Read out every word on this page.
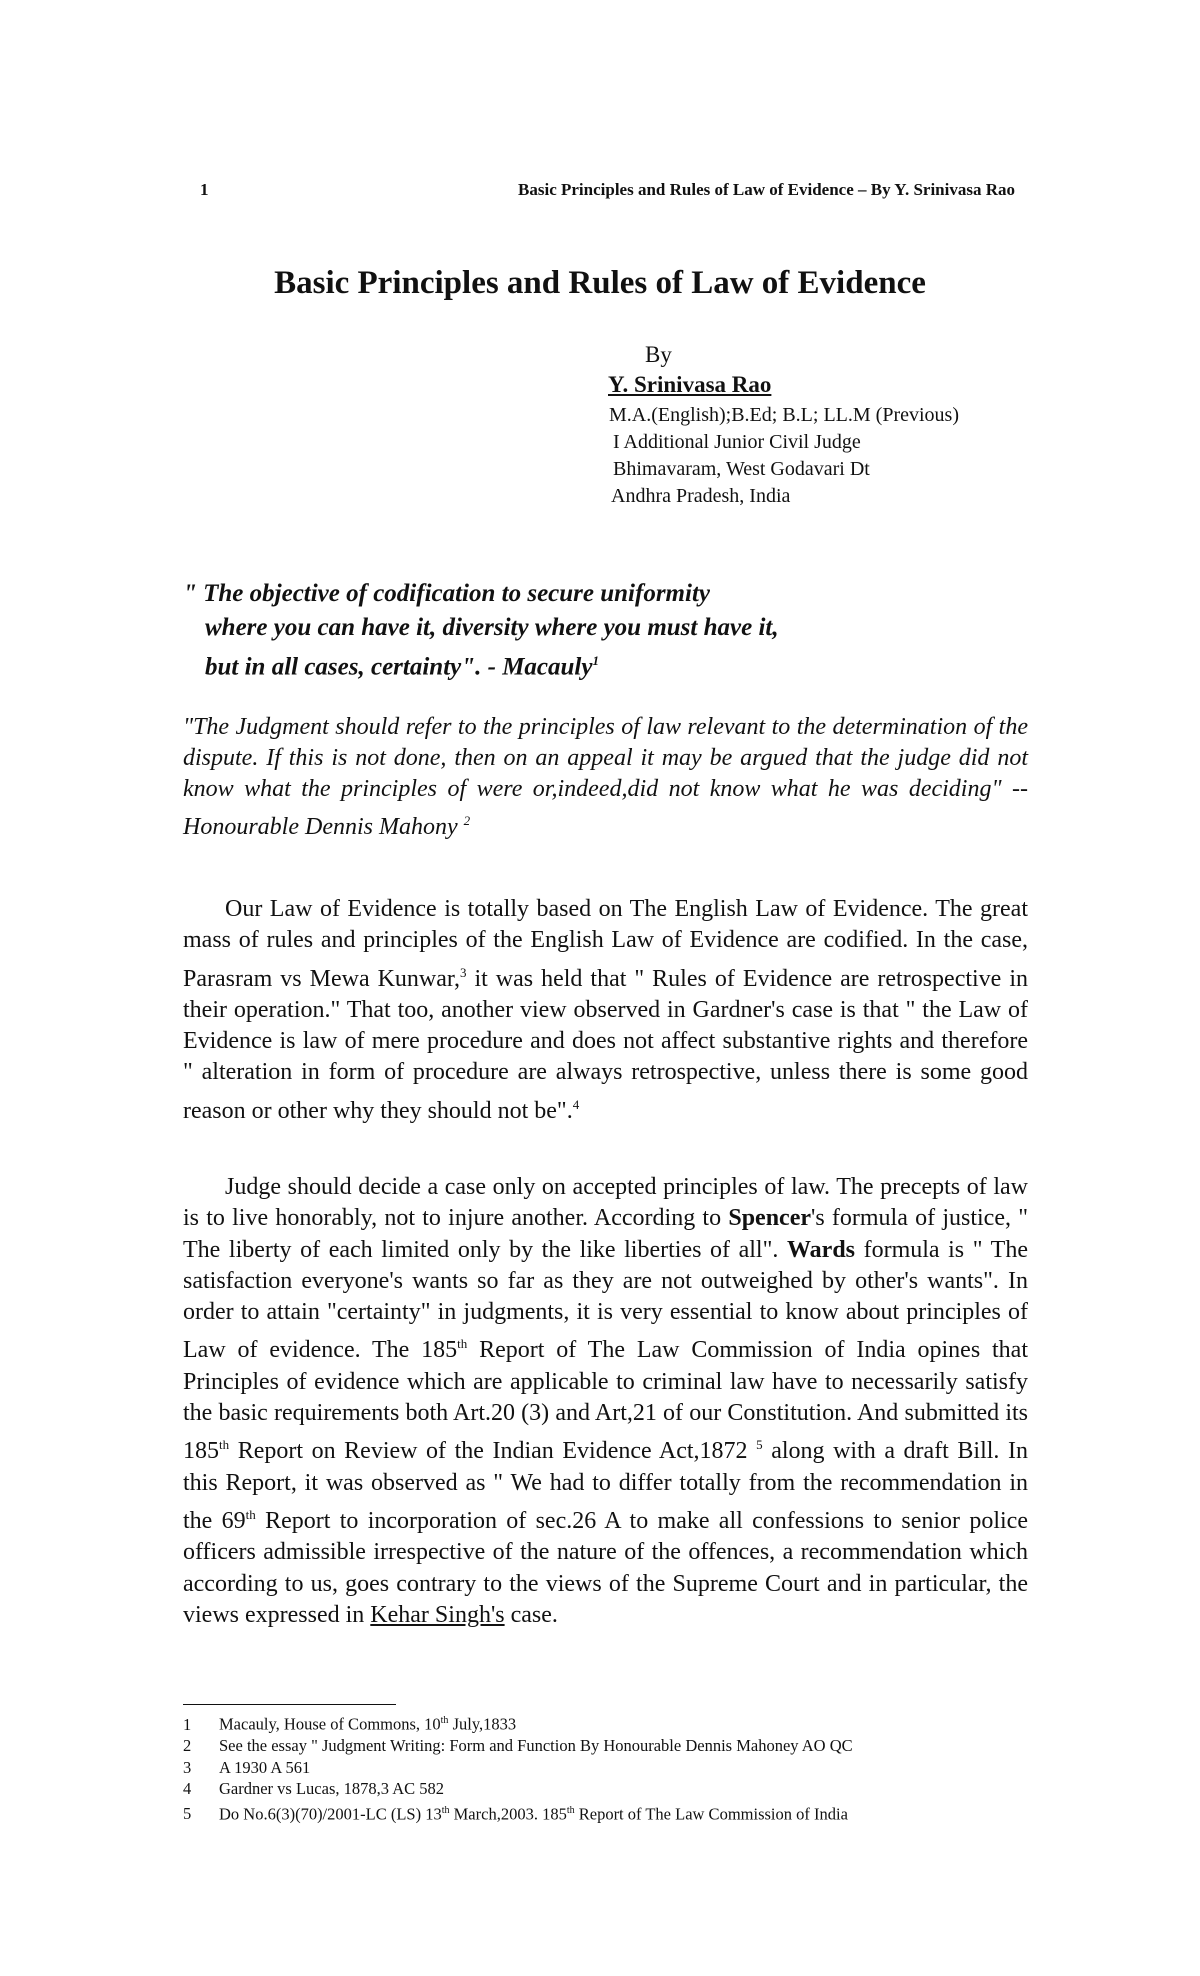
1	Basic Principles and Rules of Law of Evidence – By Y. Srinivasa Rao
Basic Principles and Rules of Law of Evidence
By
Y. Srinivasa Rao
M.A.(English);B.Ed; B.L; LL.M (Previous)
I Additional Junior Civil Judge
Bhimavaram, West Godavari Dt
Andhra Pradesh, India
" The objective of codification to secure uniformity
where you can have it, diversity where you must have it,
but in all cases, certainty". - Macauly$^1$

"The Judgment should refer to the principles of law relevant to the determination of the dispute. If this is not done, then on an appeal it may be argued that the judge did not know what the principles of were or,indeed,did not know what he was deciding" -- Honourable Dennis Mahony $^2$

Our Law of Evidence is totally based on The English Law of Evidence. The great mass of rules and principles of the English Law of Evidence are codified. In the case, Parasram vs Mewa Kunwar,$^3$ it was held that " Rules of Evidence are retrospective in their operation." That too, another view observed in Gardner's case is that " the Law of Evidence is law of mere procedure and does not affect substantive rights and therefore " alteration in form of procedure are always retrospective, unless there is some good reason or other why they should not be".$^4$

Judge should decide a case only on accepted principles of law. The precepts of law is to live honorably, not to injure another. According to Spencer's formula of justice, " The liberty of each limited only by the like liberties of all". Wards formula is " The satisfaction everyone's wants so far as they are not outweighed by other's wants". In order to attain "certainty" in judgments, it is very essential to know about principles of Law of evidence. The 185th Report of The Law Commission of India opines that Principles of evidence which are applicable to criminal law have to necessarily satisfy the basic requirements both Art.20 (3) and Art,21 of our Constitution. And submitted its 185th Report on Review of the Indian Evidence Act,1872 $^5$ along with a draft Bill. In this Report, it was observed as " We had to differ totally from the recommendation in the 69th Report to incorporation of sec.26 A to make all confessions to senior police officers admissible irrespective of the nature of the offences, a recommendation which according to us, goes contrary to the views of the Supreme Court and in particular, the views expressed in Kehar Singh's case.

1 Macauly, House of Commons, 10th July,1833
2 See the essay " Judgment Writing: Form and Function By Honourable Dennis Mahoney AO QC
3 A 1930 A 561
4 Gardner vs Lucas, 1878,3 AC 582
5 Do No.6(3)(70)/2001-LC (LS) 13th March,2003. 185th Report of The Law Commission of India
